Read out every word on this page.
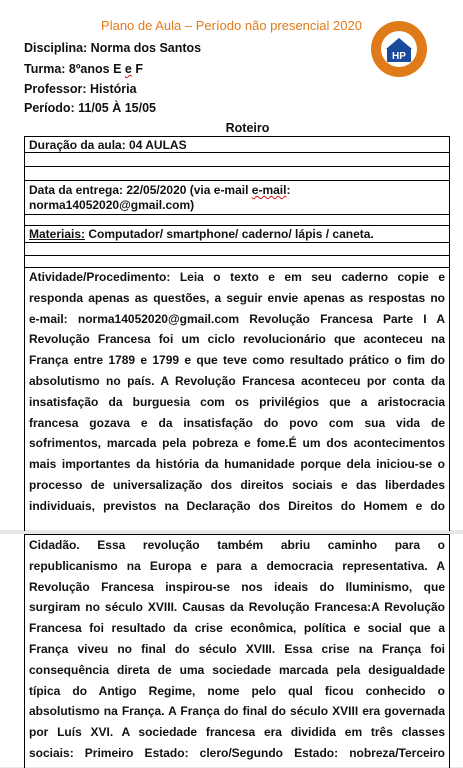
Plano de Aula – Período não presencial 2020
HP
Disciplina: Norma dos Santos
Turma: 8ºanos E e F
Professor: História
Período: 11/05 À 15/05
Roteiro
Duração da aula: 04 AULAS
Data da entrega: 22/05/2020 (via e-mail e-mail:
norma14052020@gmail.com)
Materiais: Computador/ smartphone/ caderno/ lápis / caneta.
Atividade/Procedimento: Leia o texto e em seu caderno copie e
responda apenas as questões, a seguir envie apenas as respostas no
e-mail: norma14052020@gmail.com Revolução Francesa Parte I A
Revolução Francesa foi um ciclo revolucionário que aconteceu na
França entre 1789 e 1799 e que teve como resultado prático o fim do
absolutismo no país. A Revolução Francesa aconteceu por conta da
insatisfação da burguesia com os privilégios que a aristocracia
francesa gozava e da insatisfação do povo com sua vida de
sofrimentos, marcada pela pobreza e fome.É um dos acontecimentos
mais importantes da história da humanidade porque dela iniciou-se o
processo de universalização dos direitos sociais e das liberdades
individuais, previstos na Declaração dos Direitos do Homem e do
Cidadão. Essa revolução também abriu caminho para o
republicanismo na Europa e para a democracia representativa. A
Revolução Francesa inspirou-se nos ideais do Iluminismo, que
surgiram no século XVIII. Causas da Revolução Francesa:A Revolução
Francesa foi resultado da crise econômica, política e social que a
França viveu no final do século XVIII. Essa crise na França foi
consequência direta de uma sociedade marcada pela desigualdade
típica do Antigo Regime, nome pelo qual ficou conhecido o
absolutismo na França. A França do final do século XVIII era governada
por Luís XVI. A sociedade francesa era dividida em três classes
sociais: Primeiro Estado: clero/Segundo Estado: nobreza/Terceiro
